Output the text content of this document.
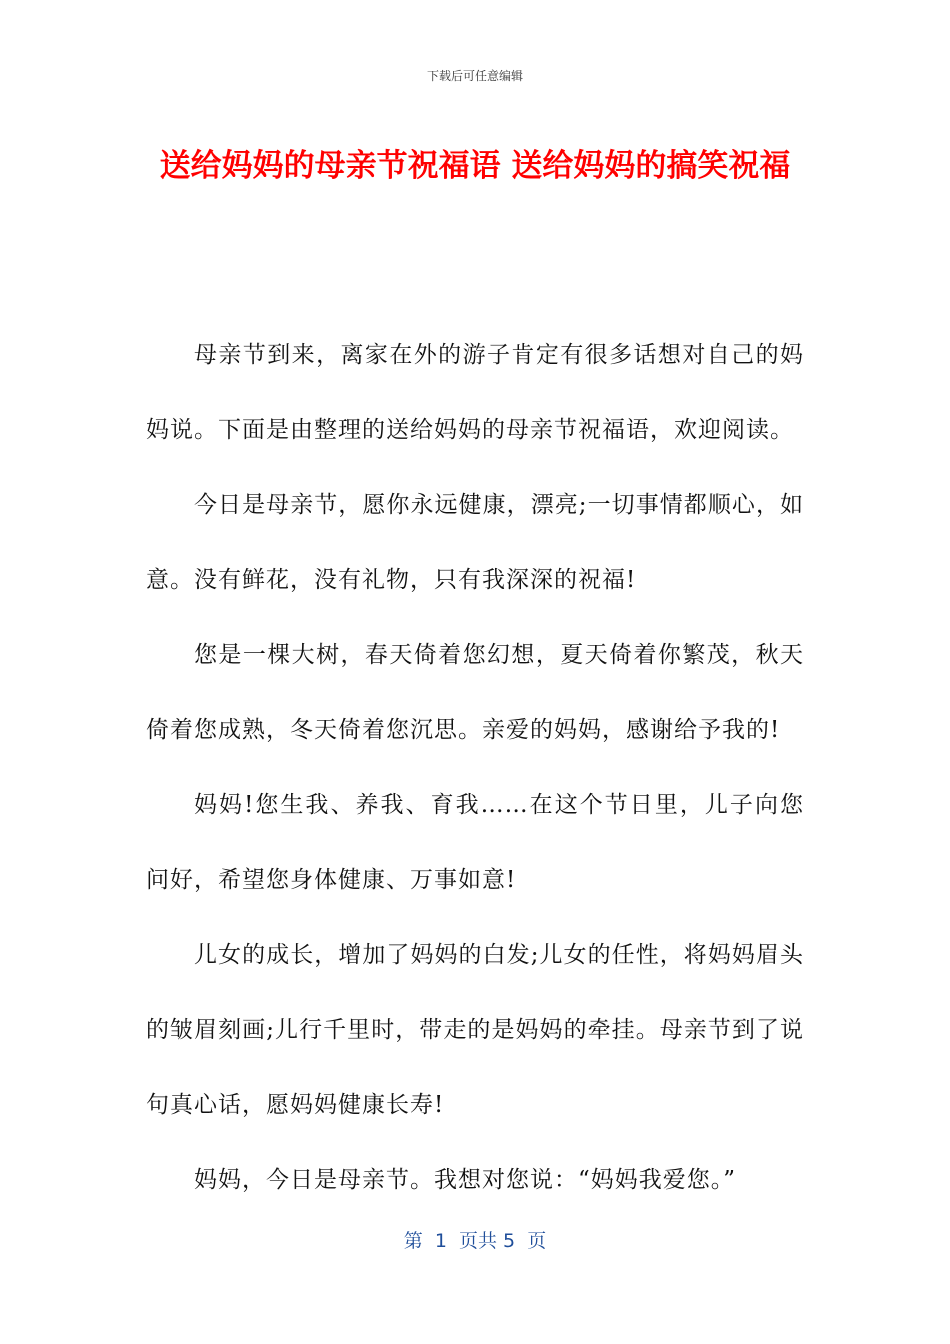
下载后可任意编辑
送给妈妈的母亲节祝福语 送给妈妈的搞笑祝福

母亲节到来，离家在外的游子肯定有很多话想对自己的妈妈说。下面是由整理的送给妈妈的母亲节祝福语，欢迎阅读。

今日是母亲节，愿你永远健康，漂亮;一切事情都顺心，如意。没有鲜花，没有礼物，只有我深深的祝福!

您是一棵大树，春天倚着您幻想，夏天倚着你繁茂，秋天倚着您成熟，冬天倚着您沉思。亲爱的妈妈，感谢给予我的!

妈妈!您生我、养我、育我……在这个节日里，儿子向您问好，希望您身体健康、万事如意!

儿女的成长，增加了妈妈的白发;儿女的任性，将妈妈眉头的皱眉刻画;儿行千里时，带走的是妈妈的牵挂。母亲节到了说句真心话，愿妈妈健康长寿!

妈妈，今日是母亲节。我想对您说：“妈妈我爱您。”

第  1  页共 5  页
